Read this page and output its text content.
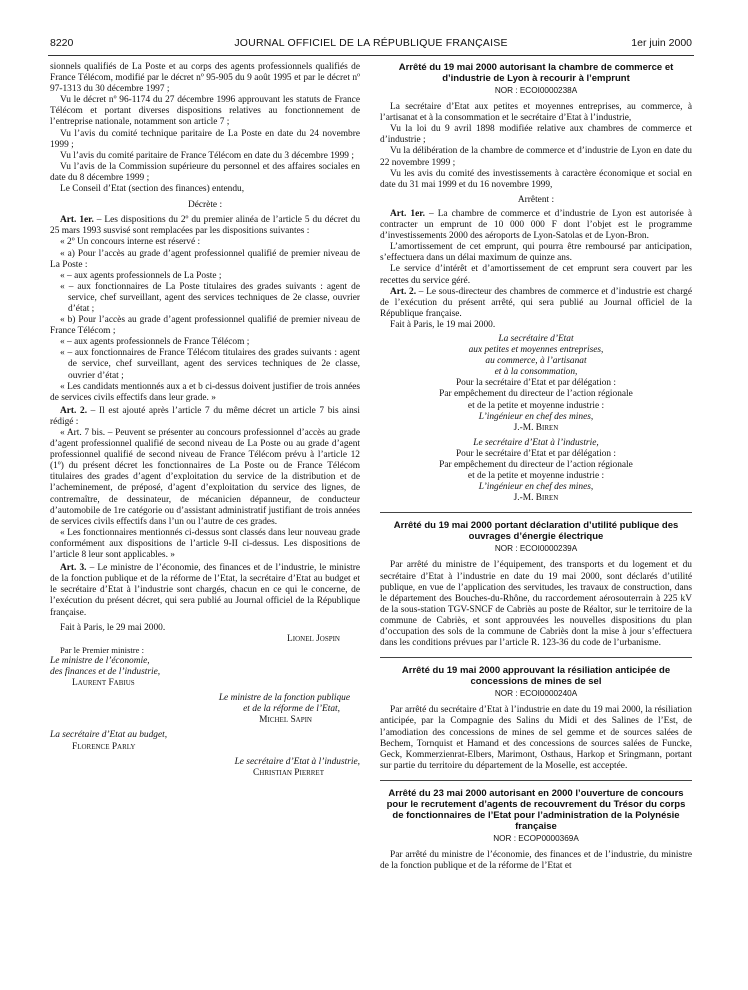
8220	JOURNAL OFFICIEL DE LA RÉPUBLIQUE FRANÇAISE	1er juin 2000

sionnels qualifiés de La Poste et au corps des agents professionnels qualifiés de France Télécom, modifié par le décret nº 95-905 du 9 août 1995 et par le décret nº 97-1313 du 30 décembre 1997 ;

Vu le décret nº 96-1174 du 27 décembre 1996 approuvant les statuts de France Télécom et portant diverses dispositions relatives au fonctionnement de l’entreprise nationale, notamment son article 7 ;

Vu l’avis du comité technique paritaire de La Poste en date du 24 novembre 1999 ;

Vu l’avis du comité paritaire de France Télécom en date du 3 décembre 1999 ;

Vu l’avis de la Commission supérieure du personnel et des affaires sociales en date du 8 décembre 1999 ;

Le Conseil d’Etat (section des finances) entendu,

Décrète :

Art. 1er. – Les dispositions du 2º du premier alinéa de l’article 5 du décret du 25 mars 1993 susvisé sont remplacées par les dispositions suivantes :

« 2º Un concours interne est réservé :

« a) Pour l’accès au grade d’agent professionnel qualifié de premier niveau de La Poste :

« – aux agents professionnels de La Poste ;

« – aux fonctionnaires de La Poste titulaires des grades suivants : agent de service, chef surveillant, agent des services techniques de 2e classe, ouvrier d’état ;

« b) Pour l’accès au grade d’agent professionnel qualifié de premier niveau de France Télécom ;

« – aux agents professionnels de France Télécom ;

« – aux fonctionnaires de France Télécom titulaires des grades suivants : agent de service, chef surveillant, agent des services techniques de 2e classe, ouvrier d’état ;

« Les candidats mentionnés aux a et b ci-dessus doivent justifier de trois années de services civils effectifs dans leur grade. »

Art. 2. – Il est ajouté après l’article 7 du même décret un article 7 bis ainsi rédigé :

« Art. 7 bis. – Peuvent se présenter au concours professionnel d’accès au grade d’agent professionnel qualifié de second niveau de La Poste ou au grade d’agent professionnel qualifié de second niveau de France Télécom prévu à l’article 12 (1º) du présent décret les fonctionnaires de La Poste ou de France Télécom titulaires des grades d’agent d’exploitation du service de la distribution et de l’acheminement, de préposé, d’agent d’exploitation du service des lignes, de contremaître, de dessinateur, de mécanicien dépanneur, de conducteur d’automobile de 1re catégorie ou d’assistant administratif justifiant de trois années de services civils effectifs dans l’un ou l’autre de ces grades.

« Les fonctionnaires mentionnés ci-dessus sont classés dans leur nouveau grade conformément aux dispositions de l’article 9-II ci-dessus. Les dispositions de l’article 8 leur sont applicables. »

Art. 3. – Le ministre de l’économie, des finances et de l’industrie, le ministre de la fonction publique et de la réforme de l’Etat, la secrétaire d’Etat au budget et le secrétaire d’Etat à l’industrie sont chargés, chacun en ce qui le concerne, de l’exécution du présent décret, qui sera publié au Journal officiel de la République française.

Fait à Paris, le 29 mai 2000.

Lionel Jospin

Par le Premier ministre :

Le ministre de l’économie,

des finances et de l’industrie,

Laurent Fabius

Le ministre de la fonction publique

et de la réforme de l’Etat,

Michel Sapin

La secrétaire d’Etat au budget,

Florence Parly

Le secrétaire d’Etat à l’industrie,

Christian Pierret

Arrêté du 19 mai 2000 autorisant la chambre de commerce et d’industrie de Lyon à recourir à l’emprunt

NOR : ECOI0000238A

La secrétaire d’Etat aux petites et moyennes entreprises, au commerce, à l’artisanat et à la consommation et le secrétaire d’Etat à l’industrie,

Vu la loi du 9 avril 1898 modifiée relative aux chambres de commerce et d’industrie ;

Vu la délibération de la chambre de commerce et d’industrie de Lyon en date du 22 novembre 1999 ;

Vu les avis du comité des investissements à caractère économique et social en date du 31 mai 1999 et du 16 novembre 1999,

Arrêtent :

Art. 1er. – La chambre de commerce et d’industrie de Lyon est autorisée à contracter un emprunt de 10 000 000 F dont l’objet est le programme d’investissements 2000 des aéroports de Lyon-Satolas et de Lyon-Bron.

L’amortissement de cet emprunt, qui pourra être remboursé par anticipation, s’effectuera dans un délai maximum de quinze ans.

Le service d’intérêt et d’amortissement de cet emprunt sera couvert par les recettes du service géré.

Art. 2. – Le sous-directeur des chambres de commerce et d’industrie est chargé de l’exécution du présent arrêté, qui sera publié au Journal officiel de la République française.

Fait à Paris, le 19 mai 2000.

La secrétaire d’Etat
aux petites et moyennes entreprises,
au commerce, à l’artisanat
et à la consommation,
Pour la secrétaire d’Etat et par délégation :
Par empêchement du directeur de l’action régionale
et de la petite et moyenne industrie :
L’ingénieur en chef des mines,
J.-M. Biren
Le secrétaire d’Etat à l’industrie,
Pour le secrétaire d’Etat et par délégation :
Par empêchement du directeur de l’action régionale
et de la petite et moyenne industrie :
L’ingénieur en chef des mines,
J.-M. Biren
Arrêté du 19 mai 2000 portant déclaration d’utilité publique des ouvrages d’énergie électrique

NOR : ECOI0000239A

Par arrêté du ministre de l’équipement, des transports et du logement et du secrétaire d’Etat à l’industrie en date du 19 mai 2000, sont déclarés d’utilité publique, en vue de l’application des servitudes, les travaux de construction, dans le département des Bouches-du-Rhône, du raccordement aérosouterrain à 225 kV de la sous-station TGV-SNCF de Cabriès au poste de Réaltor, sur le territoire de la commune de Cabriès, et sont approuvées les nouvelles dispositions du plan d’occupation des sols de la commune de Cabriès dont la mise à jour s’effectuera dans les conditions prévues par l’article R. 123-36 du code de l’urbanisme.

Arrêté du 19 mai 2000 approuvant la résiliation anticipée de concessions de mines de sel

NOR : ECOI0000240A

Par arrêté du secrétaire d’Etat à l’industrie en date du 19 mai 2000, la résiliation anticipée, par la Compagnie des Salins du Midi et des Salines de l’Est, de l’amodiation des concessions de mines de sel gemme et de sources salées de Bechem, Tornquist et Hamand et des concessions de sources salées de Funcke, Geck, Kommerzienrat-Elbers, Marimont, Osthaus, Harkop et Sringmann, portant sur partie du territoire du département de la Moselle, est acceptée.

Arrêté du 23 mai 2000 autorisant en 2000 l’ouverture de concours pour le recrutement d’agents de recouvrement du Trésor du corps de fonctionnaires de l’Etat pour l’administration de la Polynésie française

NOR : ECOP0000369A

Par arrêté du ministre de l’économie, des finances et de l’industrie, du ministre de la fonction publique et de la réforme de l’Etat et
